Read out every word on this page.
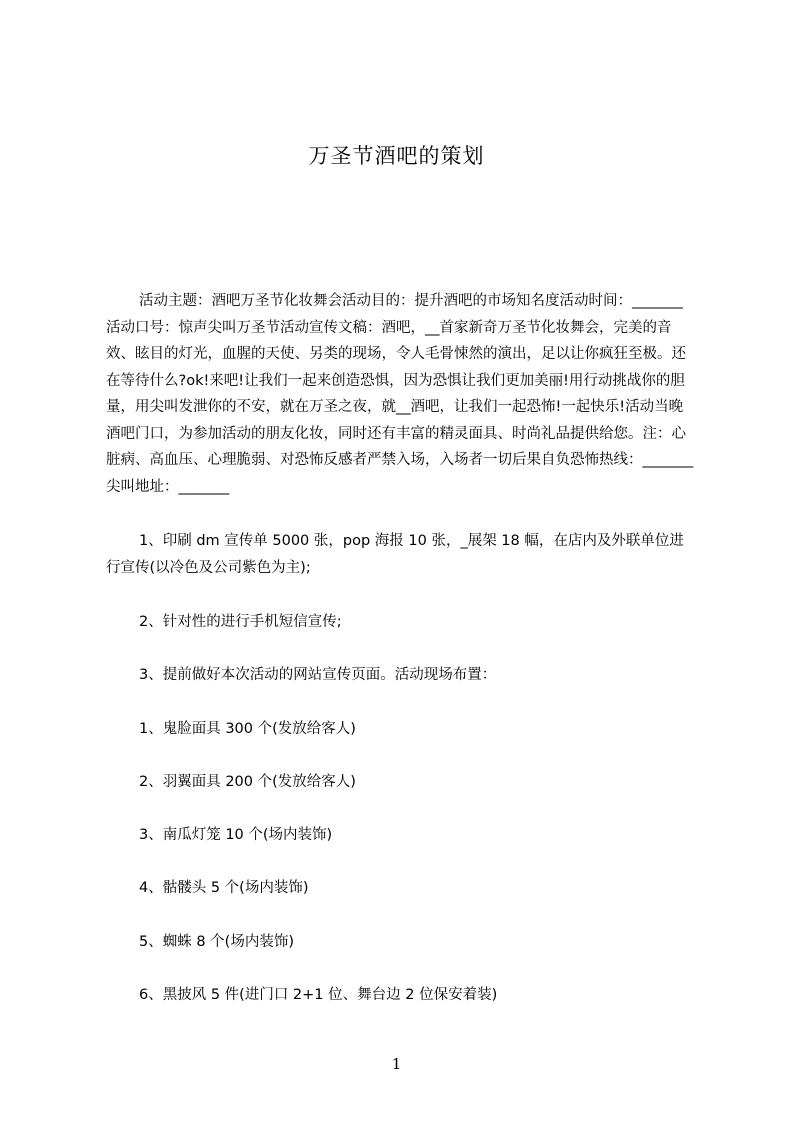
万圣节酒吧的策划
活动主题：酒吧万圣节化妆舞会活动目的：提升酒吧的市场知名度活动时间：_______活动口号：惊声尖叫万圣节活动宣传文稿：酒吧，__首家新奇万圣节化妆舞会，完美的音效、眩目的灯光，血腥的天使、另类的现场，令人毛骨悚然的演出，足以让你疯狂至极。还在等待什么?ok!来吧!让我们一起来创造恐惧，因为恐惧让我们更加美丽!用行动挑战你的胆量，用尖叫发泄你的不安，就在万圣之夜，就__酒吧，让我们一起恐怖!一起快乐!活动当晚酒吧门口，为参加活动的朋友化妆，同时还有丰富的精灵面具、时尚礼品提供给您。注：心脏病、高血压、心理脆弱、对恐怖反感者严禁入场，入场者一切后果自负恐怖热线：_______尖叫地址：_______
1、印刷 dm 宣传单 5000 张，pop 海报 10 张，_展架 18 幅，在店内及外联单位进行宣传(以冷色及公司紫色为主);
2、针对性的进行手机短信宣传;
3、提前做好本次活动的网站宣传页面。活动现场布置：
1、鬼脸面具 300 个(发放给客人)
2、羽翼面具 200 个(发放给客人)
3、南瓜灯笼 10 个(场内装饰)
4、骷髅头 5 个(场内装饰)
5、蜘蛛 8 个(场内装饰)
6、黑披风 5 件(进门口 2+1 位、舞台边 2 位保安着装)
1
